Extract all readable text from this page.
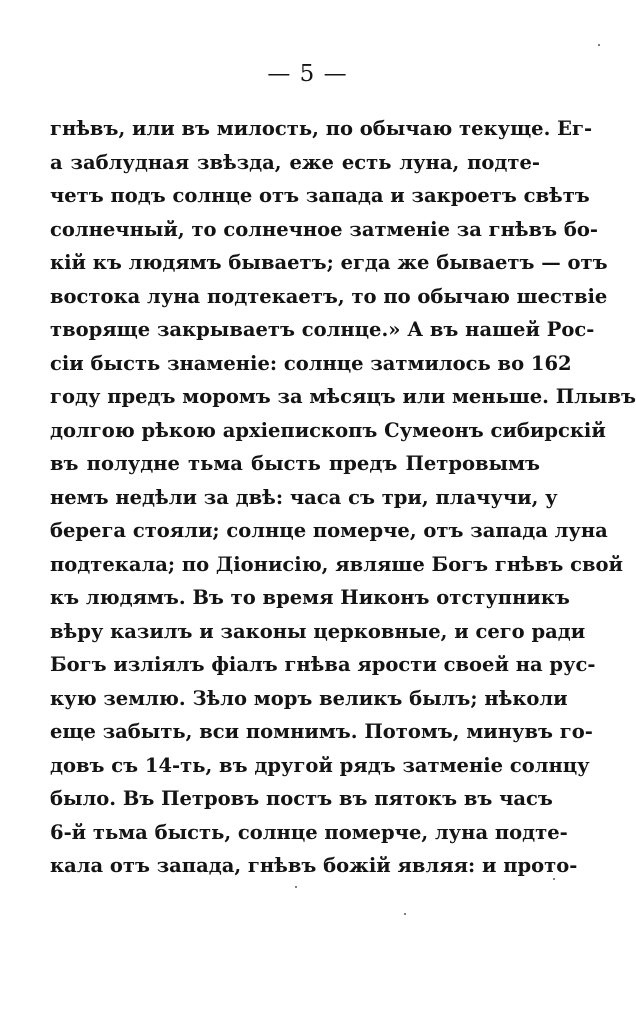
— 5 —
гнѣвъ, или въ милость, по обычаю текуще. Ег-
а заблудная звѣзда, еже есть луна, подте-
четъ подъ солнце отъ запада и закроетъ свѣтъ
солнечный, то солнечное затменіе за гнѣвъ бо-
кій къ людямъ бываетъ; егда же бываетъ — отъ
востока луна подтекаетъ, то по обычаю шествіе
творяще закрываетъ солнце.» А въ нашей Рос-
сіи бысть знаменіе: солнце затмилось во 162
году предъ моромъ за мѣсяцъ или меньше. Плывъ
долгою рѣкою архіепископъ Сумеонъ сибирскій
въ полудне тьма бысть предъ Петровымъ
немъ недѣли за двѣ: часа съ три, плачучи, у
берега стояли; солнце померче, отъ запада луна
подтекала; по Діонисію, являше Богъ гнѣвъ свой
къ людямъ. Въ то время Никонъ отступникъ
вѣру казилъ и законы церковные, и сего ради
Богъ изліялъ фіалъ гнѣва ярости своей на рус-
кую землю. Зѣло моръ великъ былъ; нѣколи
еще забыть, вси помнимъ. Потомъ, минувъ го-
довъ съ 14-ть, въ другой рядъ затменіе солнцу
было. Въ Петровъ постъ въ пятокъ въ часъ
6-й тьма бысть, солнце померче, луна подте-
кала отъ запада, гнѣвъ божій являя: и прото-
